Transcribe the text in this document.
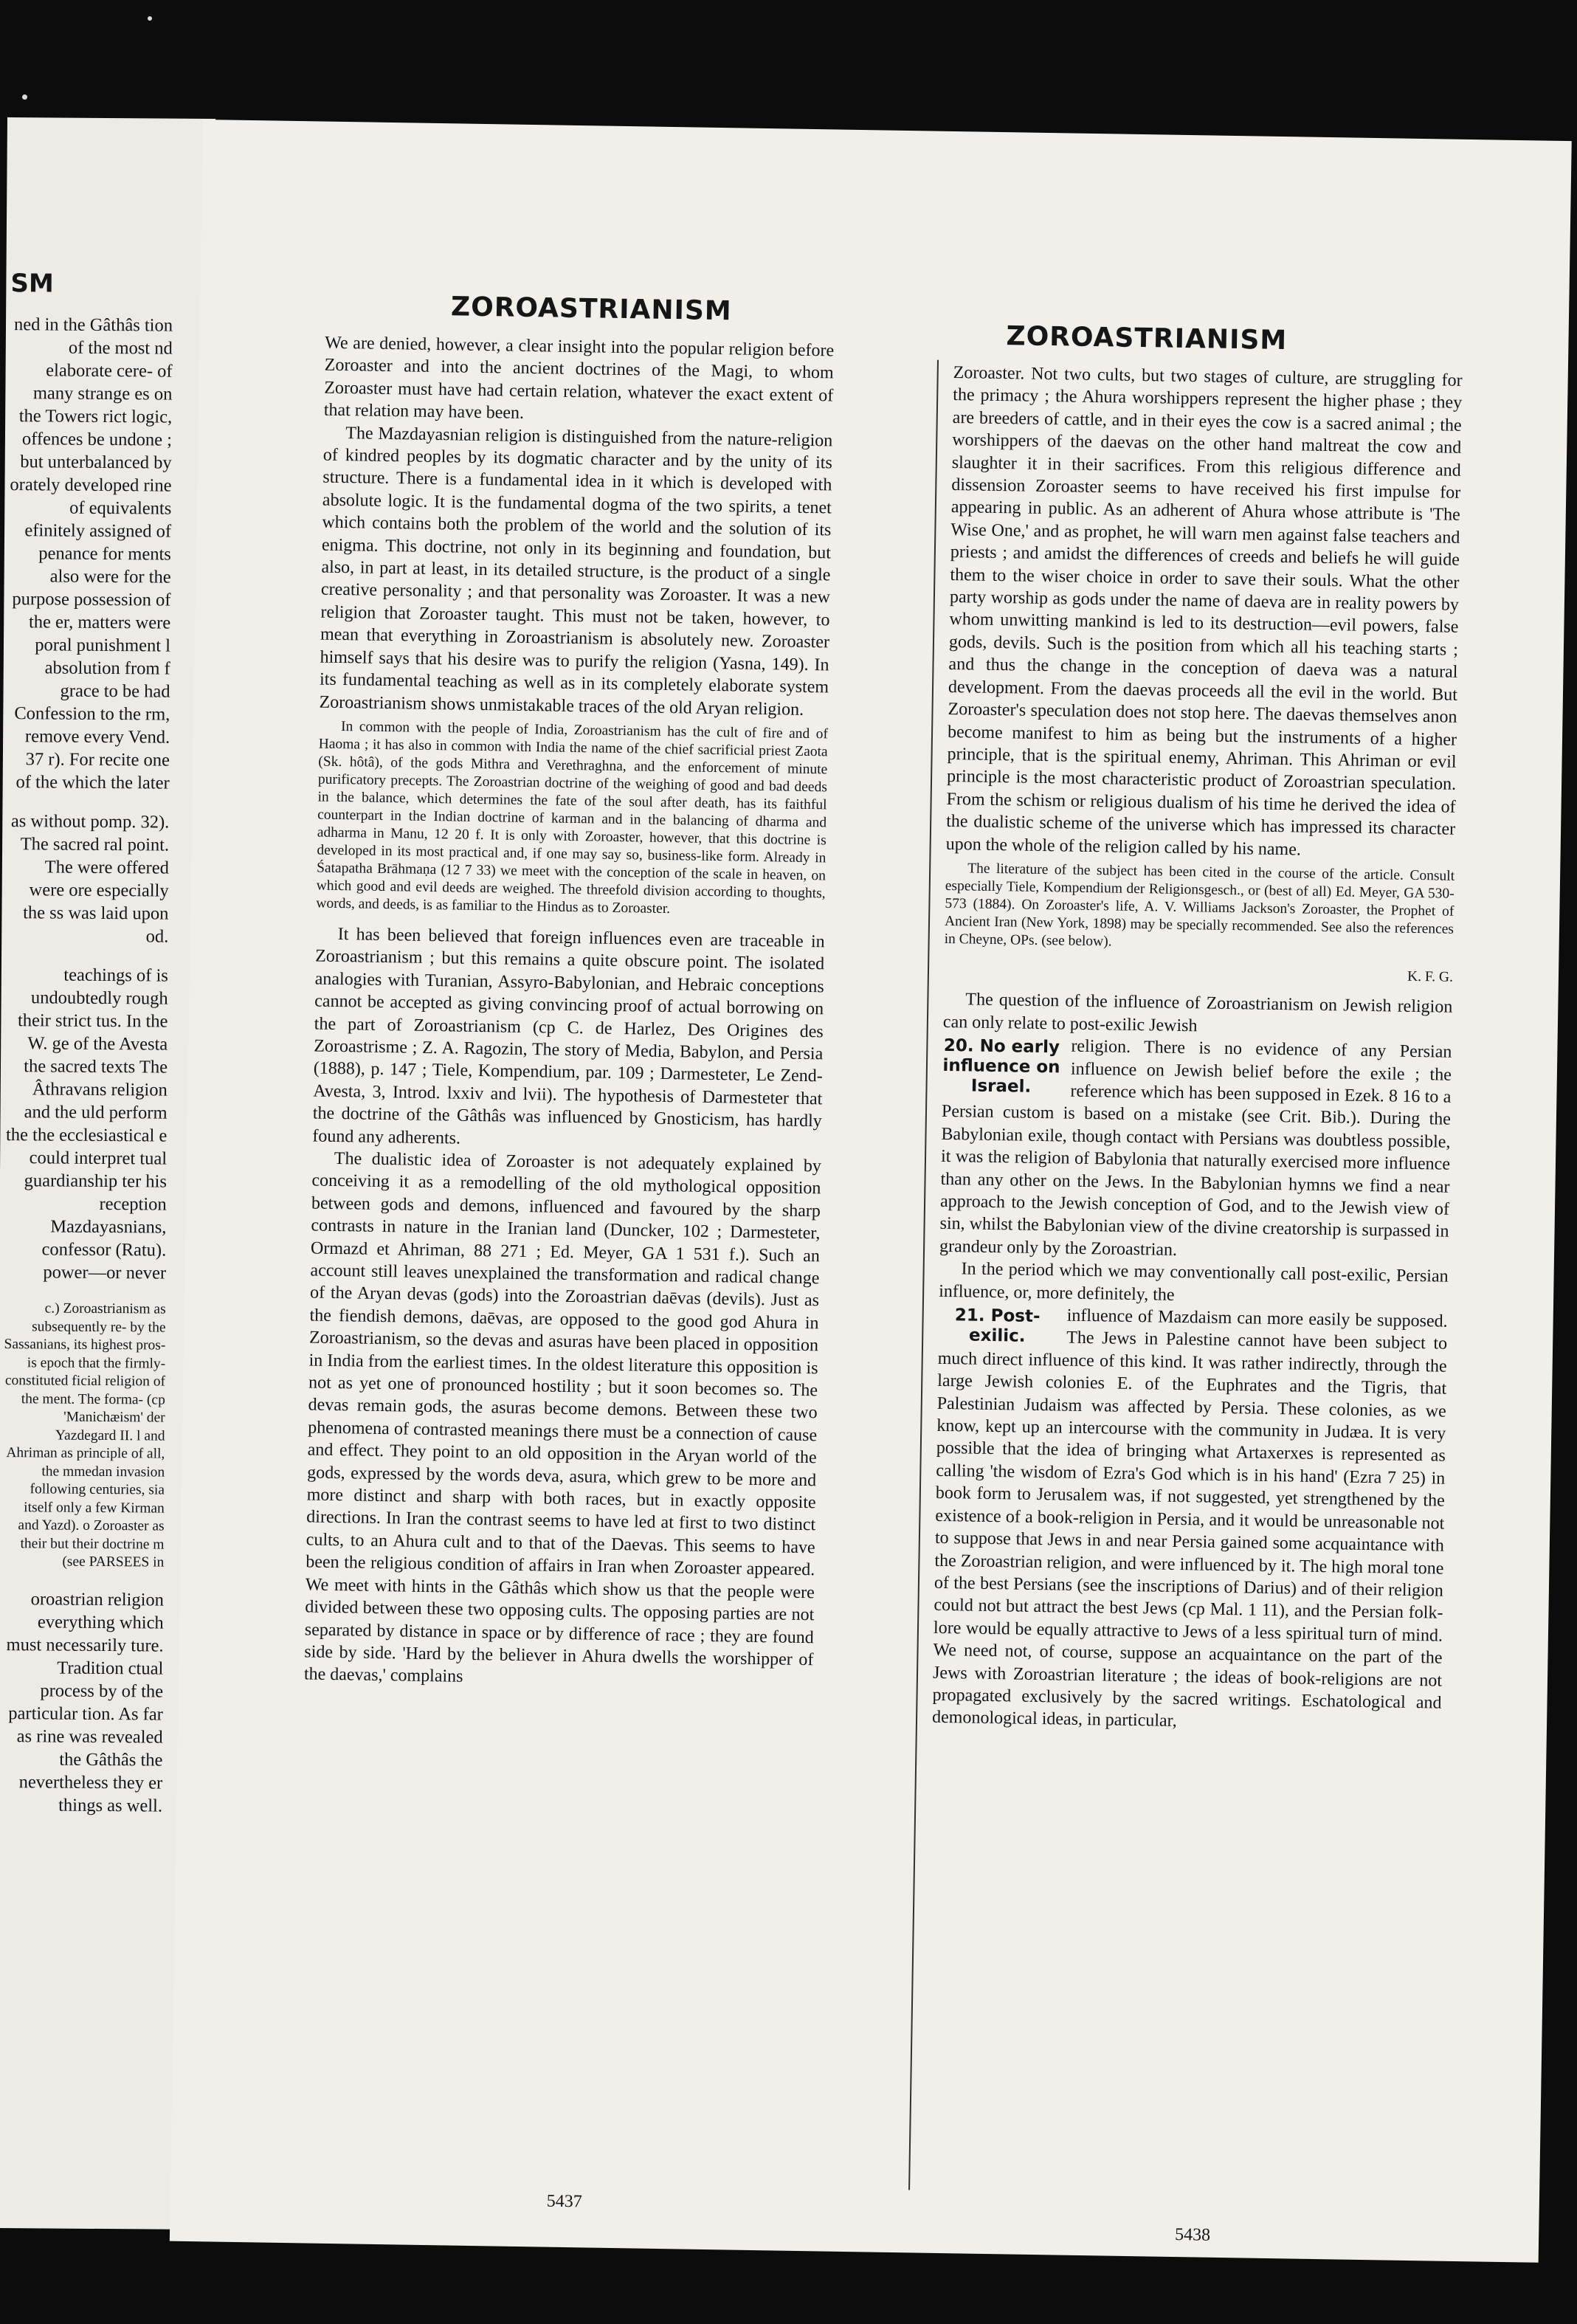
SM

ned in the Gâthâs tion of the most nd elaborate cere- of many strange es on the Towers rict logic, offences be undone ; but unterbalanced by orately developed rine of equivalents efinitely assigned of penance for ments also were for the purpose possession of the er, matters were poral punishment l absolution from f grace to be had Confession to the rm, remove every Vend. 37 r). For recite one of the which the later

as without pomp. 32). The sacred ral point. The were offered were ore especially the ss was laid upon od.

teachings of is undoubtedly rough their strict tus. In the W. ge of the Avesta the sacred texts The Âthravans religion and the uld perform the the ecclesiastical e could interpret tual guardianship ter his reception Mazdayasnians, confessor (Ratu). power—or never

c.) Zoroastrianism as subsequently re- by the Sassanians, its highest pros- is epoch that the firmly-constituted ficial religion of the ment. The forma- (cp 'Manichæism' der Yazdegard II. l and Ahriman as principle of all, the mmedan invasion following centuries, sia itself only a few Kirman and Yazd). o Zoroaster as their but their doctrine m (see PARSEES in

oroastrian religion everything which must necessarily ture. Tradition ctual process by of the particular tion. As far as rine was revealed the Gâthâs the nevertheless they er things as well.

ZOROASTRIANISM
ZOROASTRIANISM

We are denied, however, a clear insight into the popular religion before Zoroaster and into the ancient doctrines of the Magi, to whom Zoroaster must have had certain relation, whatever the exact extent of that relation may have been.

The Mazdayasnian religion is distinguished from the nature-religion of kindred peoples by its dogmatic character and by the unity of its structure. There is a fundamental idea in it which is developed with absolute logic. It is the fundamental dogma of the two spirits, a tenet which contains both the problem of the world and the solution of its enigma. This doctrine, not only in its beginning and foundation, but also, in part at least, in its detailed structure, is the product of a single creative personality ; and that personality was Zoroaster. It was a new religion that Zoroaster taught. This must not be taken, however, to mean that everything in Zoroastrianism is absolutely new. Zoroaster himself says that his desire was to purify the religion (Yasna, 149). In its fundamental teaching as well as in its completely elaborate system Zoroastrianism shows unmistakable traces of the old Aryan religion.

In common with the people of India, Zoroastrianism has the cult of fire and of Haoma ; it has also in common with India the name of the chief sacrificial priest Zaota (Sk. hôtâ), of the gods Mithra and Verethraghna, and the enforcement of minute purificatory precepts. The Zoroastrian doctrine of the weighing of good and bad deeds in the balance, which determines the fate of the soul after death, has its faithful counterpart in the Indian doctrine of karman and in the balancing of dharma and adharma in Manu, 12 20 f. It is only with Zoroaster, however, that this doctrine is developed in its most practical and, if one may say so, business-like form. Already in Śatapatha Brāhmaṇa (12 7 33) we meet with the conception of the scale in heaven, on which good and evil deeds are weighed. The threefold division according to thoughts, words, and deeds, is as familiar to the Hindus as to Zoroaster.

It has been believed that foreign influences even are traceable in Zoroastrianism ; but this remains a quite obscure point. The isolated analogies with Turanian, Assyro-Babylonian, and Hebraic conceptions cannot be accepted as giving convincing proof of actual borrowing on the part of Zoroastrianism (cp C. de Harlez, Des Origines des Zoroastrisme ; Z. A. Ragozin, The story of Media, Babylon, and Persia (1888), p. 147 ; Tiele, Kompendium, par. 109 ; Darmesteter, Le Zend-Avesta, 3, Introd. lxxiv and lvii). The hypothesis of Darmesteter that the doctrine of the Gâthâs was influenced by Gnosticism, has hardly found any adherents.

The dualistic idea of Zoroaster is not adequately explained by conceiving it as a remodelling of the old mythological opposition between gods and demons, influenced and favoured by the sharp contrasts in nature in the Iranian land (Duncker, 102 ; Darmesteter, Ormazd et Ahriman, 88 271 ; Ed. Meyer, GA 1 531 f.). Such an account still leaves unexplained the transformation and radical change of the Aryan devas (gods) into the Zoroastrian daēvas (devils). Just as the fiendish demons, daēvas, are opposed to the good god Ahura in Zoroastrianism, so the devas and asuras have been placed in opposition in India from the earliest times. In the oldest literature this opposition is not as yet one of pronounced hostility ; but it soon becomes so. The devas remain gods, the asuras become demons. Between these two phenomena of contrasted meanings there must be a connection of cause and effect. They point to an old opposition in the Aryan world of the gods, expressed by the words deva, asura, which grew to be more and more distinct and sharp with both races, but in exactly opposite directions. In Iran the contrast seems to have led at first to two distinct cults, to an Ahura cult and to that of the Daevas. This seems to have been the religious condition of affairs in Iran when Zoroaster appeared. We meet with hints in the Gâthâs which show us that the people were divided between these two opposing cults. The opposing parties are not separated by distance in space or by difference of race ; they are found side by side. 'Hard by the believer in Ahura dwells the worshipper of the daevas,' complains

Zoroaster. Not two cults, but two stages of culture, are struggling for the primacy ; the Ahura worshippers represent the higher phase ; they are breeders of cattle, and in their eyes the cow is a sacred animal ; the worshippers of the daevas on the other hand maltreat the cow and slaughter it in their sacrifices. From this religious difference and dissension Zoroaster seems to have received his first impulse for appearing in public. As an adherent of Ahura whose attribute is 'The Wise One,' and as prophet, he will warn men against false teachers and priests ; and amidst the differences of creeds and beliefs he will guide them to the wiser choice in order to save their souls. What the other party worship as gods under the name of daeva are in reality powers by whom unwitting mankind is led to its destruction—evil powers, false gods, devils. Such is the position from which all his teaching starts ; and thus the change in the conception of daeva was a natural development. From the daevas proceeds all the evil in the world. But Zoroaster's speculation does not stop here. The daevas themselves anon become manifest to him as being but the instruments of a higher principle, that is the spiritual enemy, Ahriman. This Ahriman or evil principle is the most characteristic product of Zoroastrian speculation. From the schism or religious dualism of his time he derived the idea of the dualistic scheme of the universe which has impressed its character upon the whole of the religion called by his name.

The literature of the subject has been cited in the course of the article. Consult especially Tiele, Kompendium der Religionsgesch., or (best of all) Ed. Meyer, GA 530-573 (1884). On Zoroaster's life, A. V. Williams Jackson's Zoroaster, the Prophet of Ancient Iran (New York, 1898) may be specially recommended. See also the references in Cheyne, OPs. (see below).

K. F. G.

The question of the influence of Zoroastrianism on Jewish religion can only relate to post-exilic Jewish

20. No early influence on Israel.
religion. There is no evidence of any Persian influence on Jewish belief before the exile ; the reference which has been supposed in Ezek. 8 16 to a Persian custom is based on a mistake (see Crit. Bib.). During the Babylonian exile, though contact with Persians was doubtless possible, it was the religion of Babylonia that naturally exercised more influence than any other on the Jews. In the Babylonian hymns we find a near approach to the Jewish conception of God, and to the Jewish view of sin, whilst the Babylonian view of the divine creatorship is surpassed in grandeur only by the Zoroastrian.

In the period which we may conventionally call post-exilic, Persian influence, or, more definitely, the

21. Post-exilic.
influence of Mazdaism can more easily be supposed. The Jews in Palestine cannot have been subject to much direct influence of this kind. It was rather indirectly, through the large Jewish colonies E. of the Euphrates and the Tigris, that Palestinian Judaism was affected by Persia. These colonies, as we know, kept up an intercourse with the community in Judæa. It is very possible that the idea of bringing what Artaxerxes is represented as calling 'the wisdom of Ezra's God which is in his hand' (Ezra 7 25) in book form to Jerusalem was, if not suggested, yet strengthened by the existence of a book-religion in Persia, and it would be unreasonable not to suppose that Jews in and near Persia gained some acquaintance with the Zoroastrian religion, and were influenced by it. The high moral tone of the best Persians (see the inscriptions of Darius) and of their religion could not but attract the best Jews (cp Mal. 1 11), and the Persian folk-lore would be equally attractive to Jews of a less spiritual turn of mind. We need not, of course, suppose an acquaintance on the part of the Jews with Zoroastrian literature ; the ideas of book-religions are not propagated exclusively by the sacred writings. Eschatological and demonological ideas, in particular,

5437
5438
